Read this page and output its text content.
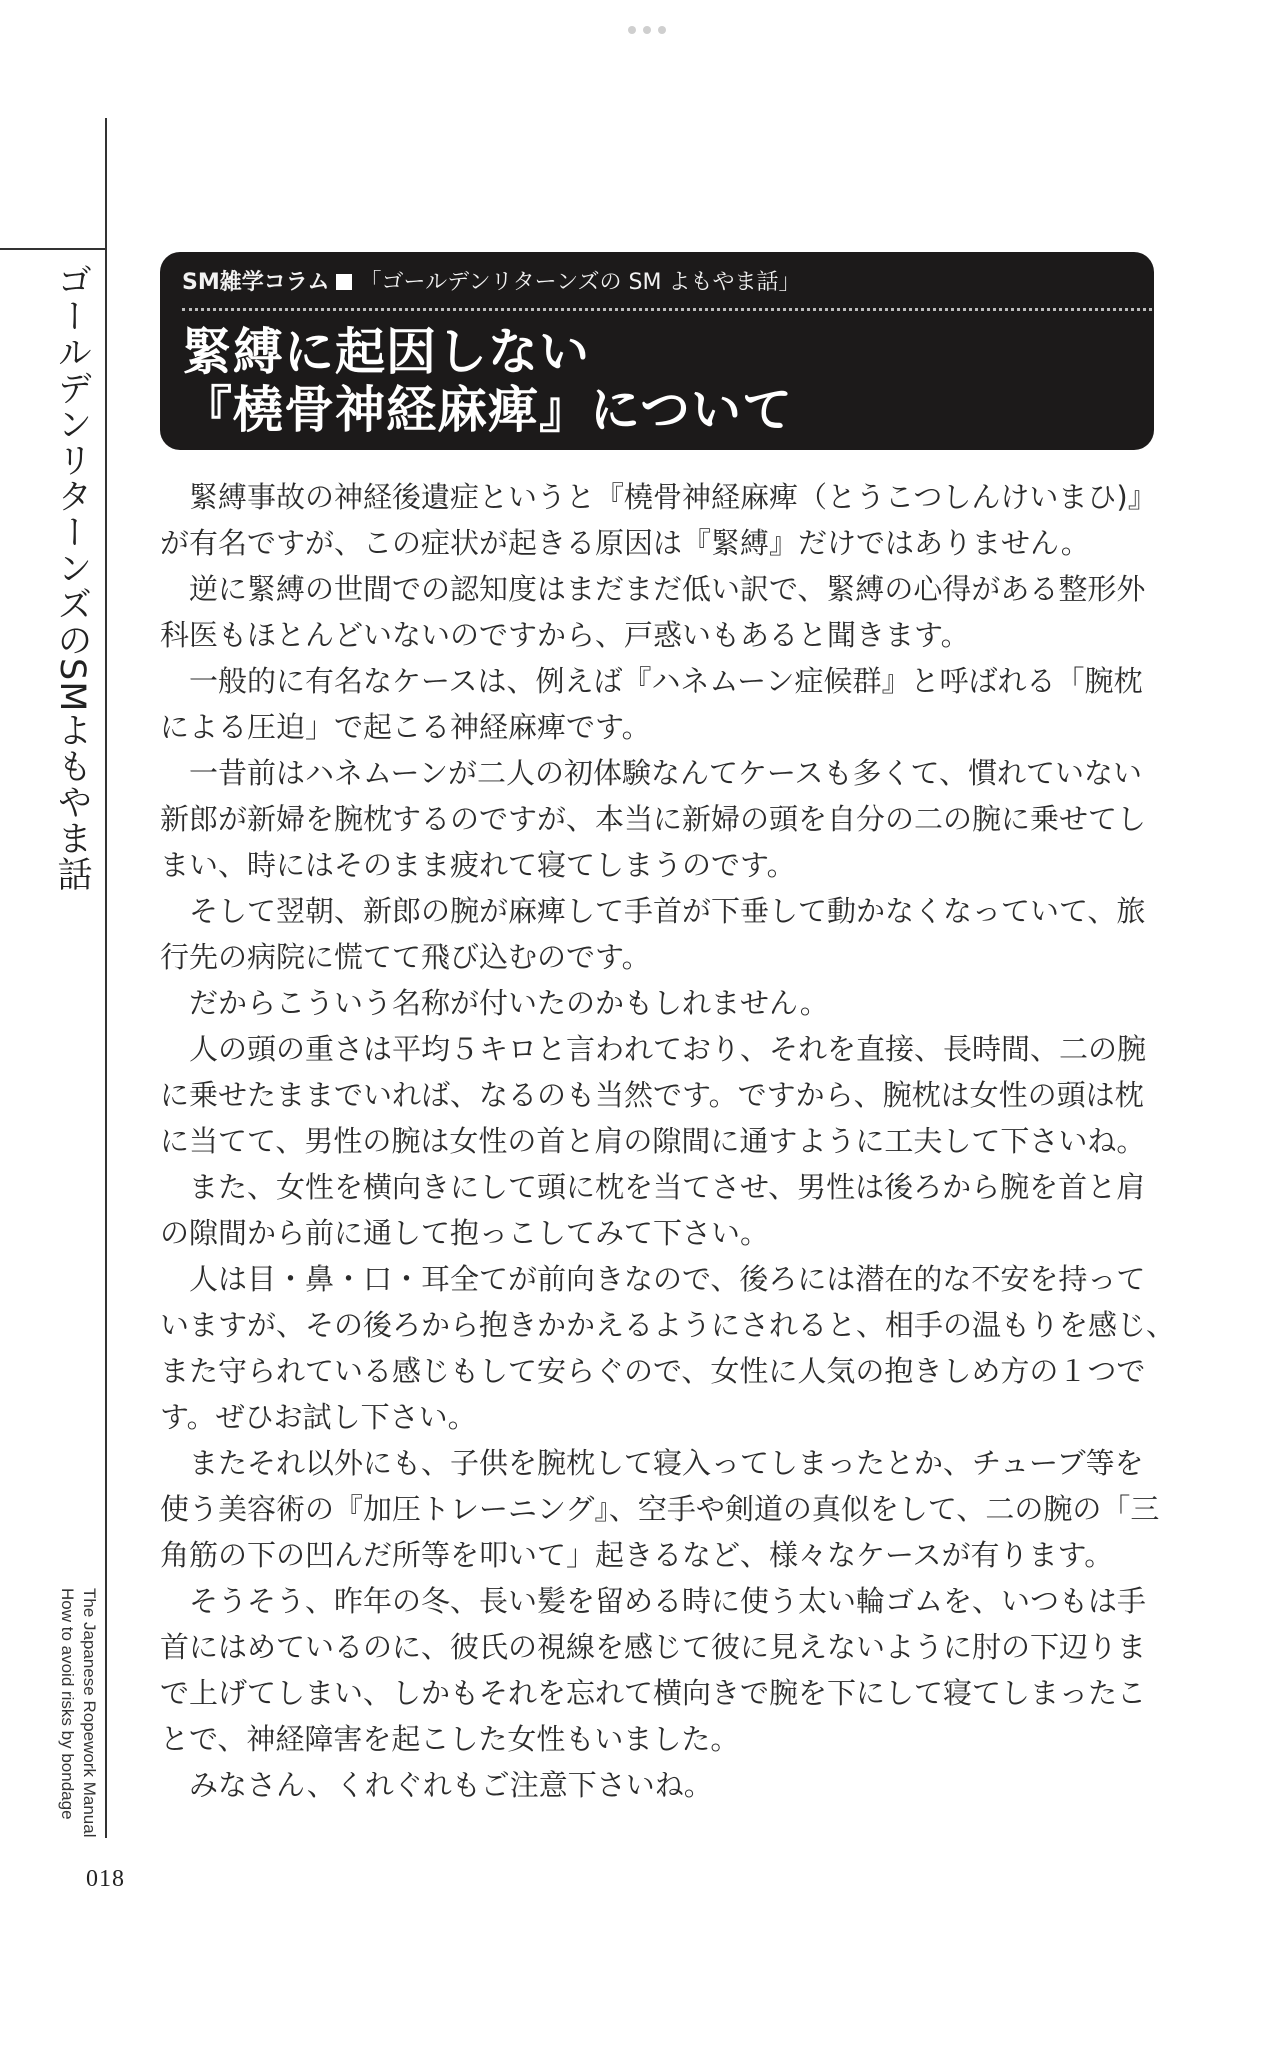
ゴールデンリターンズのSMよもやま話
The Japanese Ropework Manual
How to avoid risks by bondage
018
SM雑学コラム 「ゴールデンリターンズの SM よもやま話」
緊縛に起因しない
『橈骨神経麻痺』について
　緊縛事故の神経後遺症というと『橈骨神経麻痺（とうこつしんけいまひ)』
が有名ですが、この症状が起きる原因は『緊縛』だけではありません。
　逆に緊縛の世間での認知度はまだまだ低い訳で、緊縛の心得がある整形外
科医もほとんどいないのですから、戸惑いもあると聞きます。
　一般的に有名なケースは、例えば『ハネムーン症候群』と呼ばれる「腕枕
による圧迫」で起こる神経麻痺です。
　一昔前はハネムーンが二人の初体験なんてケースも多くて、慣れていない
新郎が新婦を腕枕するのですが、本当に新婦の頭を自分の二の腕に乗せてし
まい、時にはそのまま疲れて寝てしまうのです。
　そして翌朝、新郎の腕が麻痺して手首が下垂して動かなくなっていて、旅
行先の病院に慌てて飛び込むのです。
　だからこういう名称が付いたのかもしれません。
　人の頭の重さは平均５キロと言われており、それを直接、長時間、二の腕
に乗せたままでいれば、なるのも当然です。ですから、腕枕は女性の頭は枕
に当てて、男性の腕は女性の首と肩の隙間に通すように工夫して下さいね。
　また、女性を横向きにして頭に枕を当てさせ、男性は後ろから腕を首と肩
の隙間から前に通して抱っこしてみて下さい。
　人は目・鼻・口・耳全てが前向きなので、後ろには潜在的な不安を持って
いますが、その後ろから抱きかかえるようにされると、相手の温もりを感じ、
また守られている感じもして安らぐので、女性に人気の抱きしめ方の１つで
す。ぜひお試し下さい。
　またそれ以外にも、子供を腕枕して寝入ってしまったとか、チューブ等を
使う美容術の『加圧トレーニング』、空手や剣道の真似をして、二の腕の「三
角筋の下の凹んだ所等を叩いて」起きるなど、様々なケースが有ります。
　そうそう、昨年の冬、長い髪を留める時に使う太い輪ゴムを、いつもは手
首にはめているのに、彼氏の視線を感じて彼に見えないように肘の下辺りま
で上げてしまい、しかもそれを忘れて横向きで腕を下にして寝てしまったこ
とで、神経障害を起こした女性もいました。
　みなさん、くれぐれもご注意下さいね。
